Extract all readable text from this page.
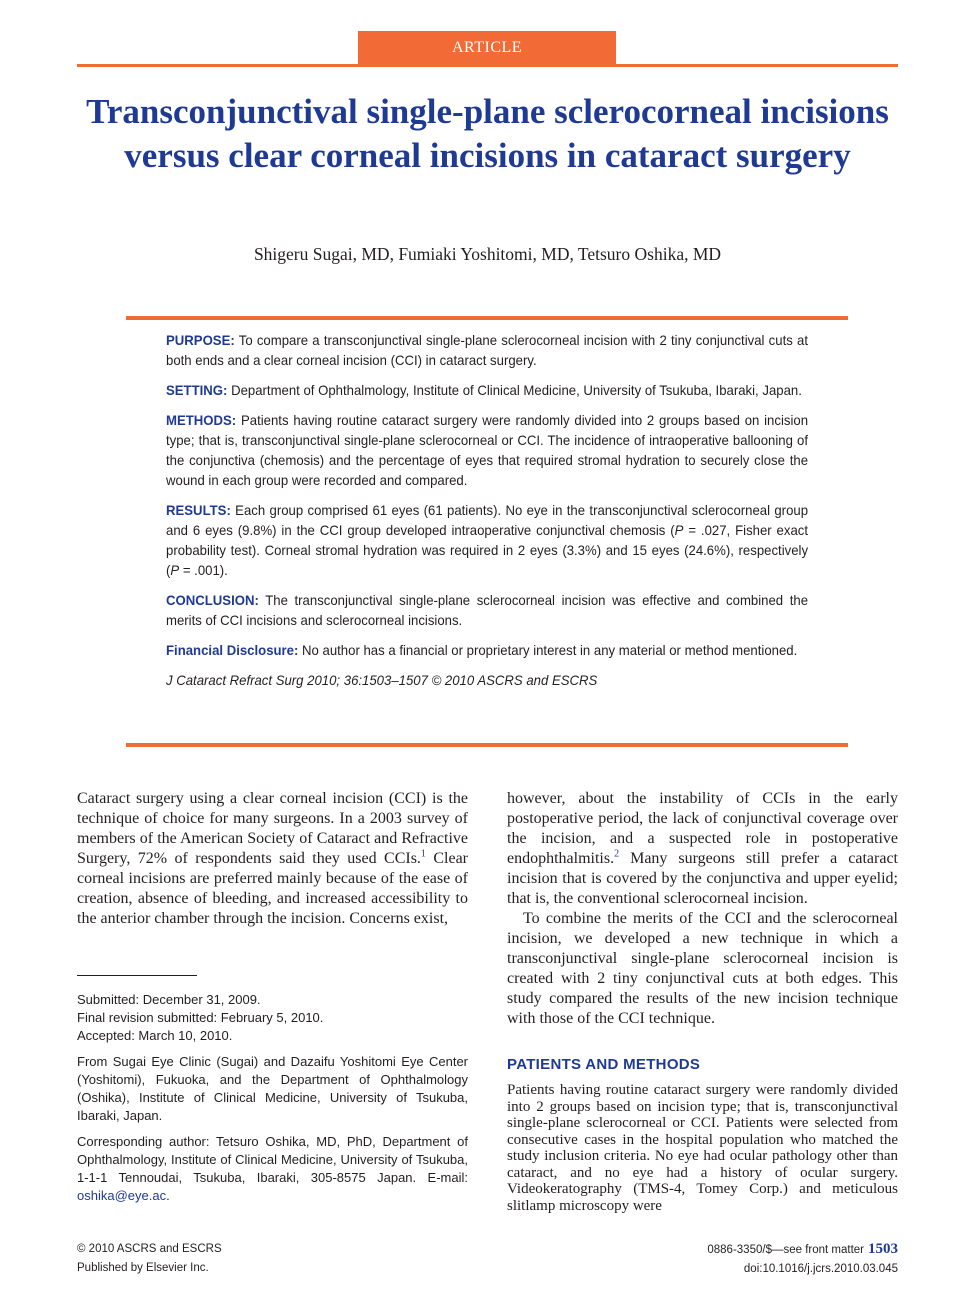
ARTICLE
Transconjunctival single-plane sclerocorneal incisions versus clear corneal incisions in cataract surgery
Shigeru Sugai, MD, Fumiaki Yoshitomi, MD, Tetsuro Oshika, MD

PURPOSE: To compare a transconjunctival single-plane sclerocorneal incision with 2 tiny conjunctival cuts at both ends and a clear corneal incision (CCI) in cataract surgery.

SETTING: Department of Ophthalmology, Institute of Clinical Medicine, University of Tsukuba, Ibaraki, Japan.

METHODS: Patients having routine cataract surgery were randomly divided into 2 groups based on incision type; that is, transconjunctival single-plane sclerocorneal or CCI. The incidence of intraoperative ballooning of the conjunctiva (chemosis) and the percentage of eyes that required stromal hydration to securely close the wound in each group were recorded and compared.

RESULTS: Each group comprised 61 eyes (61 patients). No eye in the transconjunctival sclerocorneal group and 6 eyes (9.8%) in the CCI group developed intraoperative conjunctival chemosis (P = .027, Fisher exact probability test). Corneal stromal hydration was required in 2 eyes (3.3%) and 15 eyes (24.6%), respectively (P = .001).

CONCLUSION: The transconjunctival single-plane sclerocorneal incision was effective and combined the merits of CCI incisions and sclerocorneal incisions.

Financial Disclosure: No author has a financial or proprietary interest in any material or method mentioned.

J Cataract Refract Surg 2010; 36:1503–1507 © 2010 ASCRS and ESCRS

Cataract surgery using a clear corneal incision (CCI) is the technique of choice for many surgeons. In a 2003 survey of members of the American Society of Cataract and Refractive Surgery, 72% of respondents said they used CCIs.$^1$ Clear corneal incisions are preferred mainly because of the ease of creation, absence of bleeding, and increased accessibility to the anterior chamber through the incision. Concerns exist,

Submitted: December 31, 2009.

Final revision submitted: February 5, 2010.

Accepted: March 10, 2010.

From Sugai Eye Clinic (Sugai) and Dazaifu Yoshitomi Eye Center (Yoshitomi), Fukuoka, and the Department of Ophthalmology (Oshika), Institute of Clinical Medicine, University of Tsukuba, Ibaraki, Japan.

Corresponding author: Tetsuro Oshika, MD, PhD, Department of Ophthalmology, Institute of Clinical Medicine, University of Tsukuba, 1-1-1 Tennoudai, Tsukuba, Ibaraki, 305-8575 Japan. E-mail: oshika@eye.ac.

however, about the instability of CCIs in the early postoperative period, the lack of conjunctival coverage over the incision, and a suspected role in postoperative endophthalmitis.$^2$ Many surgeons still prefer a cataract incision that is covered by the conjunctiva and upper eyelid; that is, the conventional sclerocorneal incision.

To combine the merits of the CCI and the sclerocorneal incision, we developed a new technique in which a transconjunctival single-plane sclerocorneal incision is created with 2 tiny conjunctival cuts at both edges. This study compared the results of the new incision technique with those of the CCI technique.

PATIENTS AND METHODS
Patients having routine cataract surgery were randomly divided into 2 groups based on incision type; that is, transconjunctival single-plane sclerocorneal or CCI. Patients were selected from consecutive cases in the hospital population who matched the study inclusion criteria. No eye had ocular pathology other than cataract, and no eye had a history of ocular surgery. Videokeratography (TMS-4, Tomey Corp.) and meticulous slitlamp microscopy were
© 2010 ASCRS and ESCRS
Published by Elsevier Inc.
0886-3350/$—see front matter 1503
doi:10.1016/j.jcrs.2010.03.045
